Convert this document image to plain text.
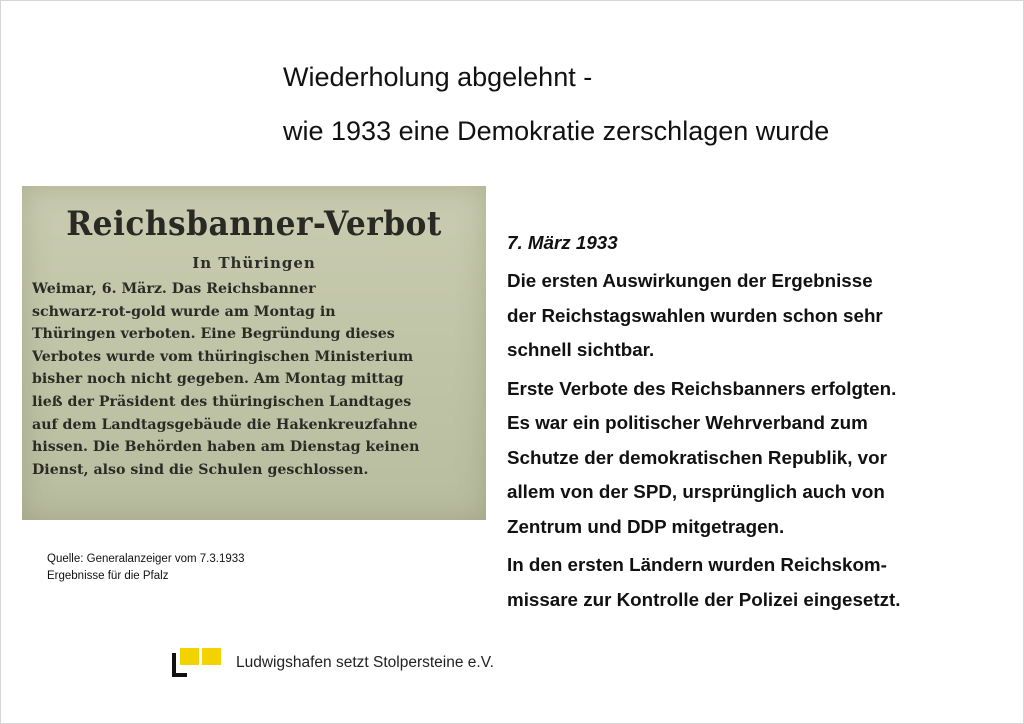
Wiederholung abgelehnt -
wie 1933 eine Demokratie zerschlagen wurde
Reichsbanner-Verbot
In Thüringen
Weimar, 6. März. Das Reichsbanner
schwarz-rot-gold wurde am Montag in
Thüringen verboten. Eine Begründung dieses
Verbotes wurde vom thüringischen Ministerium
bisher noch nicht gegeben. Am Montag mittag
ließ der Präsident des thüringischen Landtages
auf dem Landtagsgebäude die Hakenkreuzfahne
hissen. Die Behörden haben am Dienstag keinen
Dienst, also sind die Schulen geschlossen.
Quelle: Generalanzeiger vom 7.3.1933
Ergebnisse für die Pfalz

7. März 1933

Die ersten Auswirkungen der Ergebnisse
der Reichstagswahlen wurden schon sehr
schnell sichtbar.

Erste Verbote des Reichsbanners erfolgten.
Es war ein politischer Wehrverband zum
Schutze der demokratischen Republik, vor
allem von der SPD, ursprünglich auch von
Zentrum und DDP mitgetragen.

In den ersten Ländern wurden Reichskom-
missare zur Kontrolle der Polizei eingesetzt.

Ludwigshafen setzt Stolpersteine e.V.
